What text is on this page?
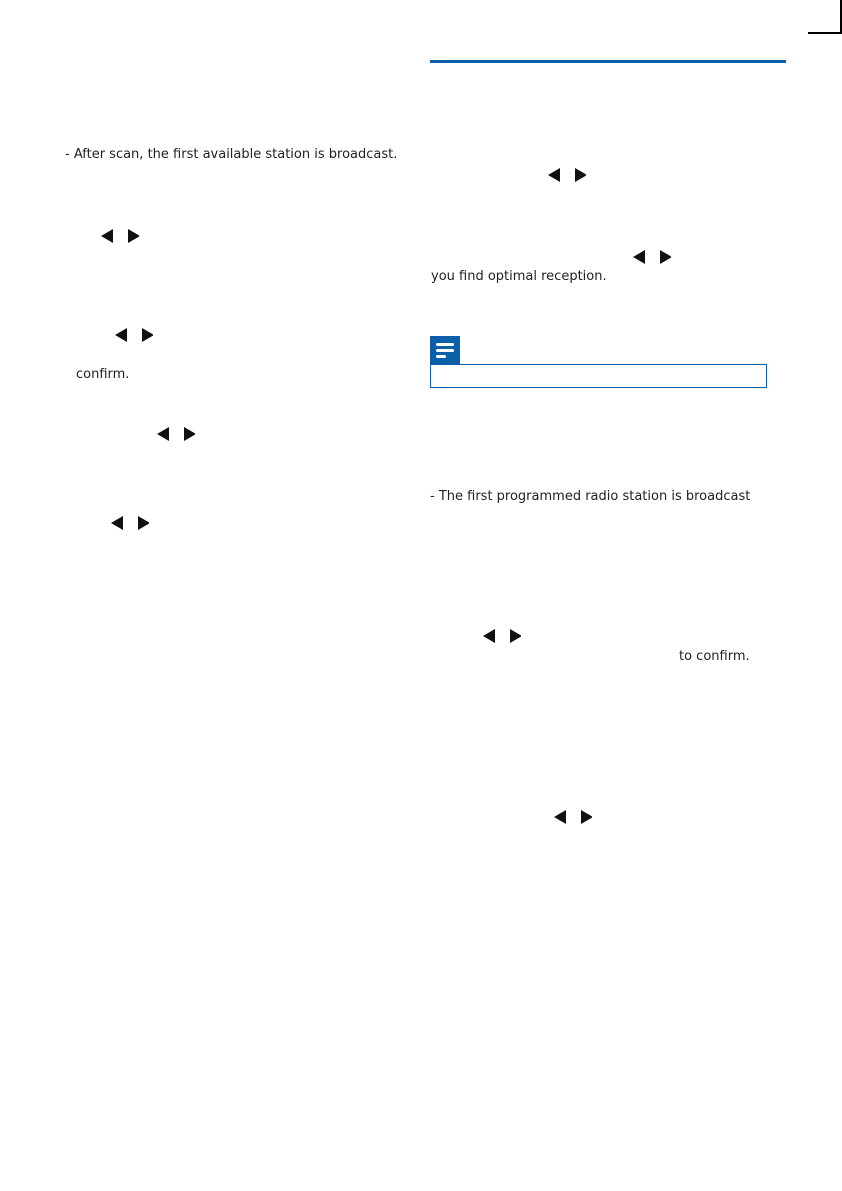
- After scan, the first available station is broadcast.
confirm.
you find optimal reception.
- The first programmed radio station is broadcast
to confirm.
